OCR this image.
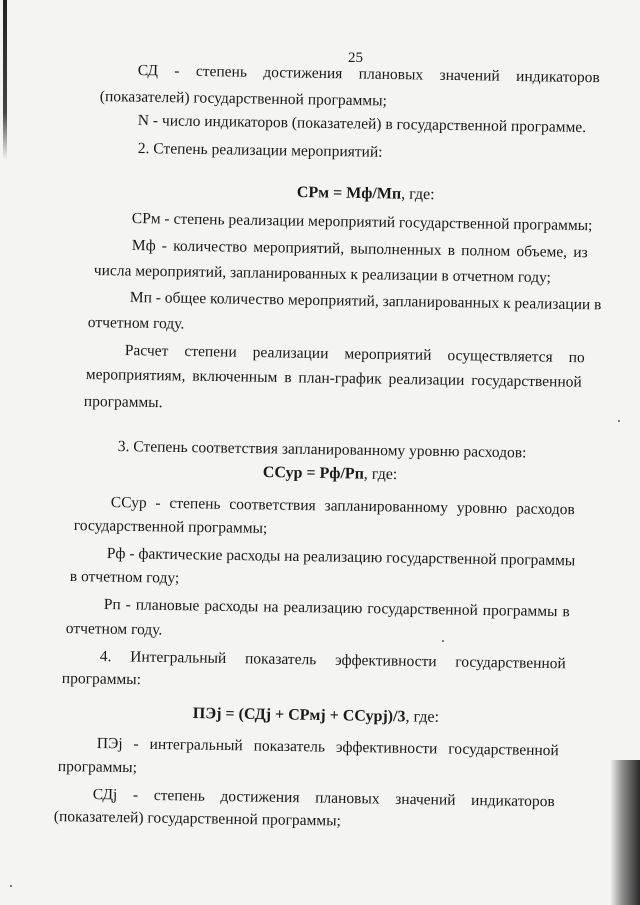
25
СД - степень достижения плановых значений индикаторов
(показателей) государственной программы;
N - число индикаторов (показателей) в государственной программе.
2. Степень реализации мероприятий:
СРм = Мф/Мп, где:
СРм - степень реализации мероприятий государственной программы;
Мф - количество мероприятий, выполненных в полном объеме, из
числа мероприятий, запланированных к реализации в отчетном году;
Мп - общее количество мероприятий, запланированных к реализации в
отчетном году.
Расчет степени реализации мероприятий осуществляется по
мероприятиям, включенным в план-график реализации государственной
программы.
3. Степень соответствия запланированному уровню расходов:
ССур = Рф/Рп, где:
ССур - степень соответствия запланированному уровню расходов
государственной программы;
Рф - фактические расходы на реализацию государственной программы
в отчетном году;
Рп - плановые расходы на реализацию государственной программы в
отчетном году.
4. Интегральный показатель эффективности государственной
программы:
ПЭj = (СДj + СРмj + ССурj)/3, где:
ПЭj - интегральный показатель эффективности государственной
программы;
СДj - степень достижения плановых значений индикаторов
(показателей) государственной программы;
